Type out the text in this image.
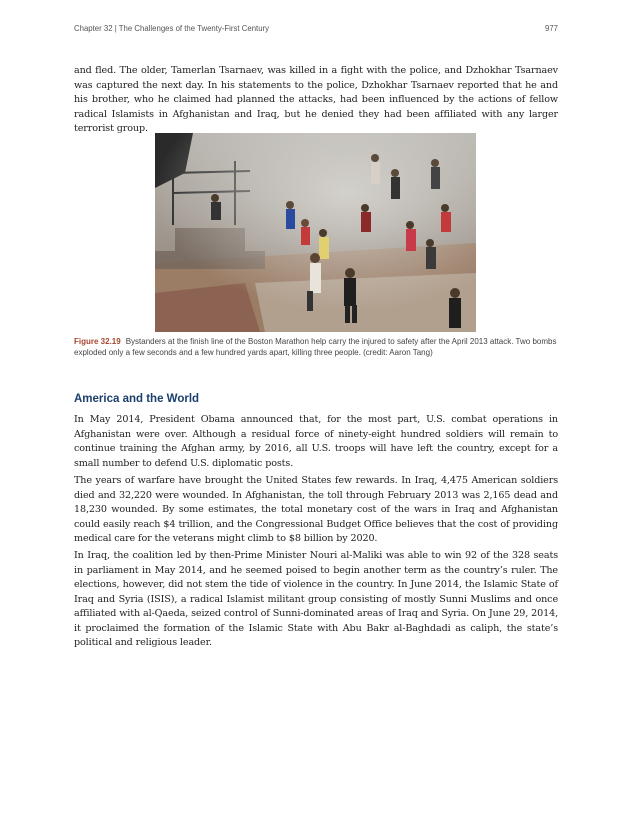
Chapter 32 | The Challenges of the Twenty-First Century	977

and fled. The older, Tamerlan Tsarnaev, was killed in a fight with the police, and Dzhokhar Tsarnaev was captured the next day. In his statements to the police, Dzhokhar Tsarnaev reported that he and his brother, who he claimed had planned the attacks, had been influenced by the actions of fellow radical Islamists in Afghanistan and Iraq, but he denied they had been affiliated with any larger terrorist group.

Figure 32.19 Bystanders at the finish line of the Boston Marathon help carry the injured to safety after the April 2013 attack. Two bombs exploded only a few seconds and a few hundred yards apart, killing three people. (credit: Aaron Tang)

America and the World

In May 2014, President Obama announced that, for the most part, U.S. combat operations in Afghanistan were over. Although a residual force of ninety-eight hundred soldiers will remain to continue training the Afghan army, by 2016, all U.S. troops will have left the country, except for a small number to defend U.S. diplomatic posts.

The years of warfare have brought the United States few rewards. In Iraq, 4,475 American soldiers died and 32,220 were wounded. In Afghanistan, the toll through February 2013 was 2,165 dead and 18,230 wounded. By some estimates, the total monetary cost of the wars in Iraq and Afghanistan could easily reach $4 trillion, and the Congressional Budget Office believes that the cost of providing medical care for the veterans might climb to $8 billion by 2020.

In Iraq, the coalition led by then-Prime Minister Nouri al-Maliki was able to win 92 of the 328 seats in parliament in May 2014, and he seemed poised to begin another term as the country’s ruler. The elections, however, did not stem the tide of violence in the country. In June 2014, the Islamic State of Iraq and Syria (ISIS), a radical Islamist militant group consisting of mostly Sunni Muslims and once affiliated with al-Qaeda, seized control of Sunni-dominated areas of Iraq and Syria. On June 29, 2014, it proclaimed the formation of the Islamic State with Abu Bakr al-Baghdadi as caliph, the state’s political and religious leader.
